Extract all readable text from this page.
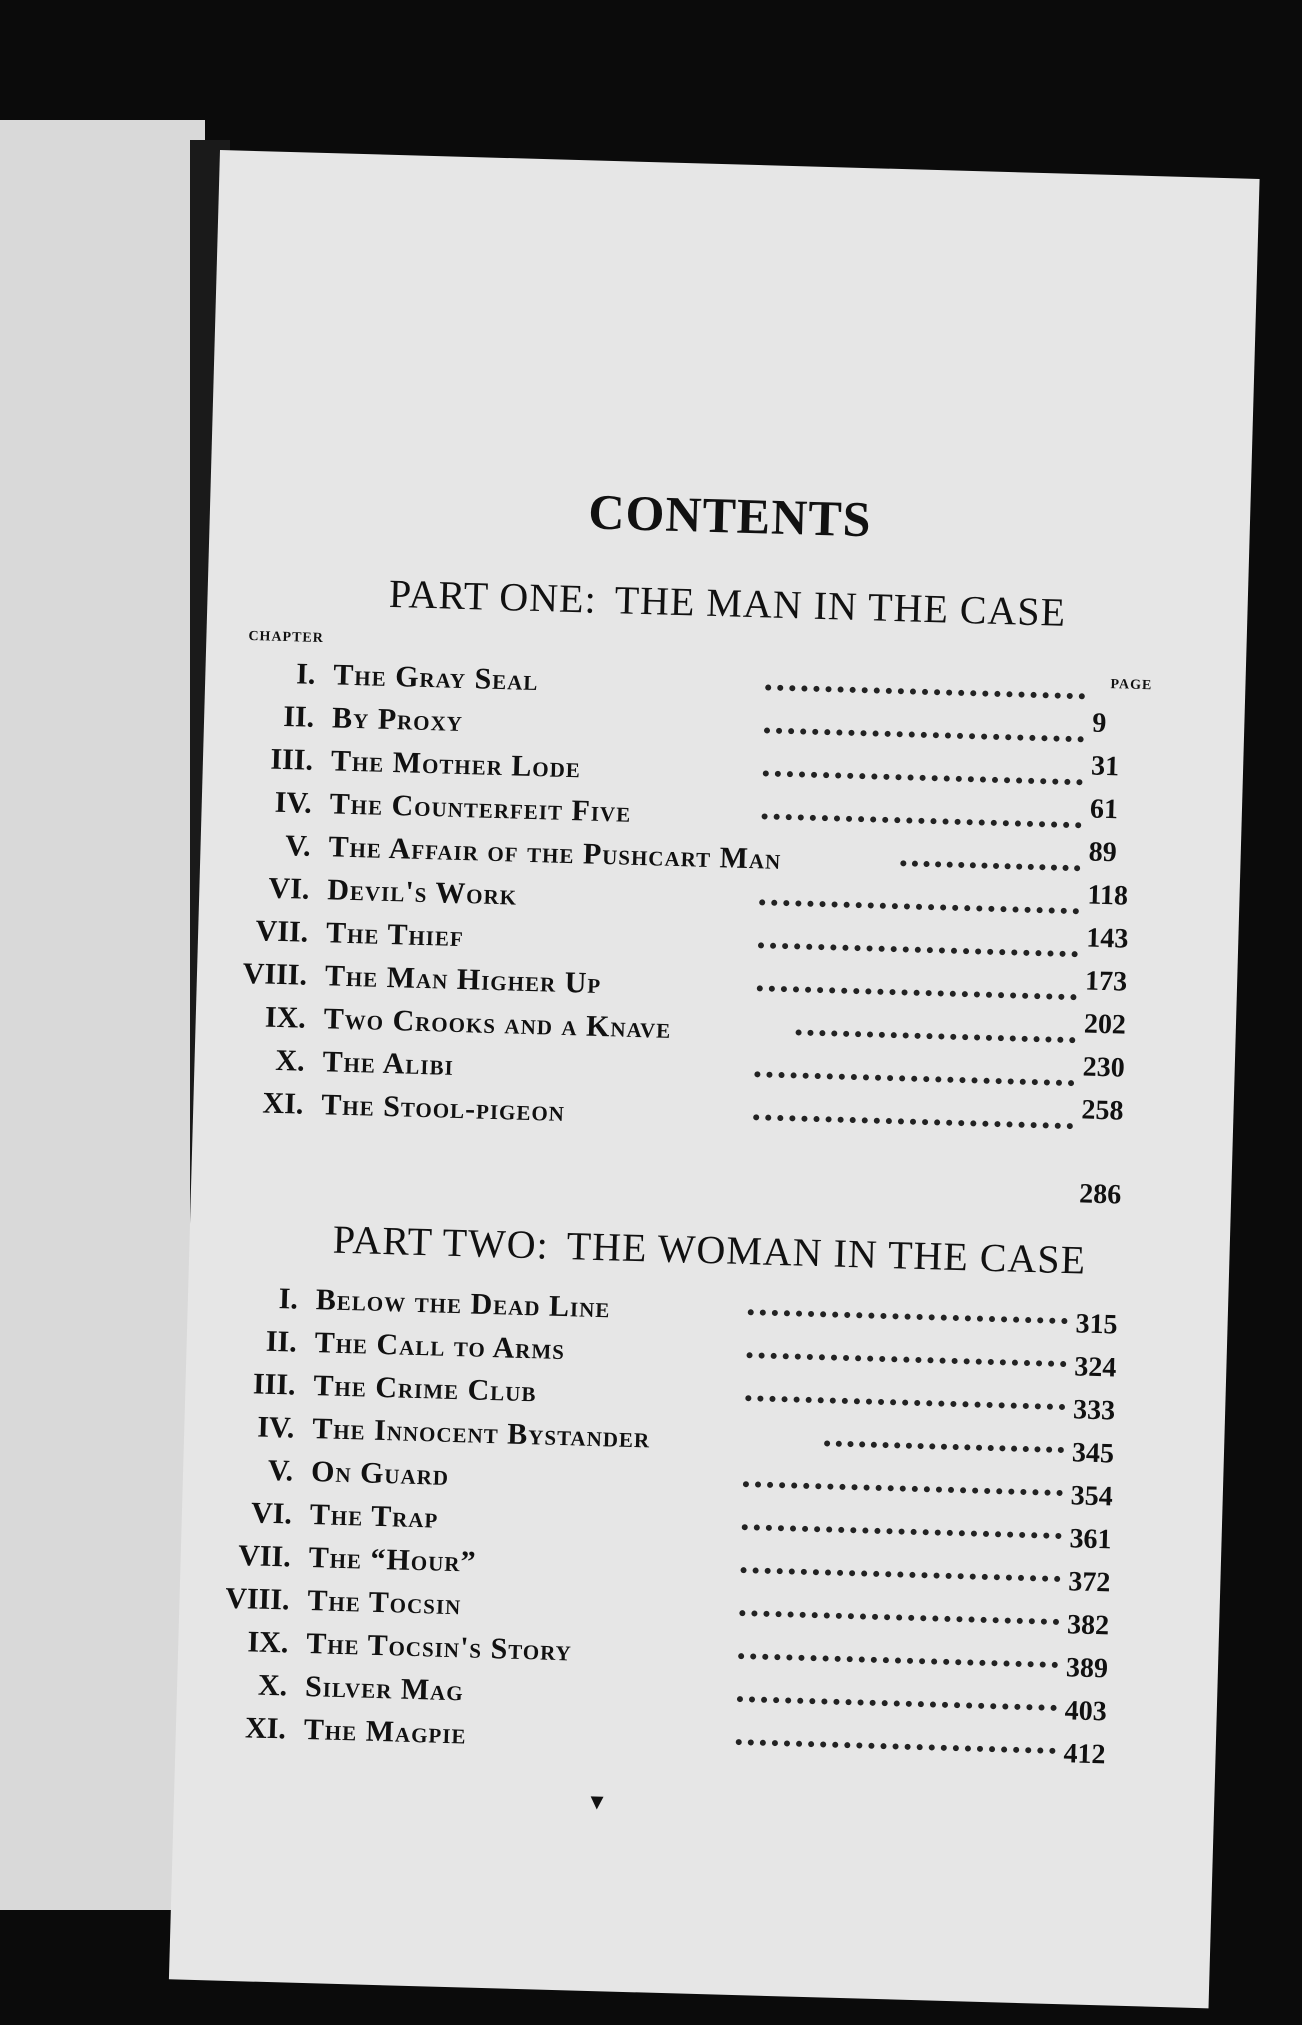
CONTENTS
PART ONE: THE MAN IN THE CASE
CHAPTER
PAGE
I. The Gray Seal
9
II. By Proxy
31
III. The Mother Lode
61
IV. The Counterfeit Five
89
V. The Affair of the Pushcart Man
118
VI. Devil's Work
143
VII. The Thief
173
VIII. The Man Higher Up
202
IX. Two Crooks and a Knave
230
X. The Alibi
258
XI. The Stool-pigeon
286
PART TWO: THE WOMAN IN THE CASE
I. Below the Dead Line
315
II. The Call to Arms
324
III. The Crime Club
333
IV. The Innocent Bystander	345
V. On Guard
354
VI. The Trap
361
VII. The “Hour”
372
VIII. The Tocsin
382
IX. The Tocsin's Story
389
X. Silver Mag
403
XI. The Magpie
412
▼
